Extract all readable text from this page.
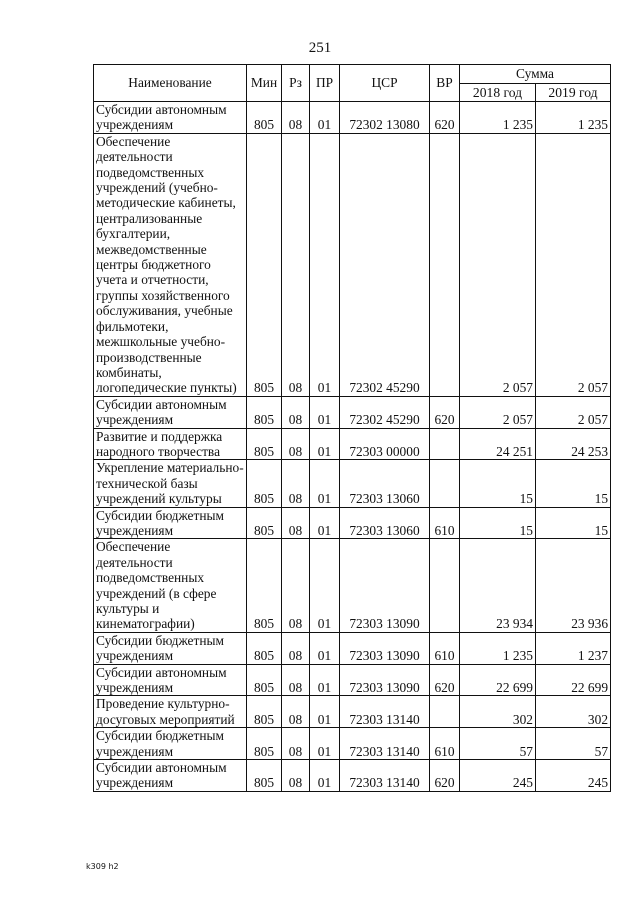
251
Наименование	Мин	Рз	ПР	ЦСР	ВР	Сумма	
						2018 год	2019 год
Субсидии автономным учреждениям	805	08	01	72302 13080	620	1 235	1 235
Обеспечение деятельности подведомственных учреждений (учебно-методические кабинеты, централизованные бухгалтерии, межведомственные центры бюджетного учета и отчетности, группы хозяйственного обслуживания, учебные фильмотеки, межшкольные учебно-производственные комбинаты, логопедические пункты)	805	08	01	72302 45290		2 057	2 057
Субсидии автономным учреждениям	805	08	01	72302 45290	620	2 057	2 057
Развитие и поддержка народного творчества	805	08	01	72303 00000		24 251	24 253
Укрепление материально-технической базы учреждений культуры	805	08	01	72303 13060		15	15
Субсидии бюджетным учреждениям	805	08	01	72303 13060	610	15	15
Обеспечение деятельности подведомственных учреждений (в сфере культуры и кинематографии)	805	08	01	72303 13090		23 934	23 936
Субсидии бюджетным учреждениям	805	08	01	72303 13090	610	1 235	1 237
Субсидии автономным учреждениям	805	08	01	72303 13090	620	22 699	22 699
Проведение культурно-досуговых мероприятий	805	08	01	72303 13140		302	302
Субсидии бюджетным учреждениям	805	08	01	72303 13140	610	57	57
Субсидии автономным учреждениям	805	08	01	72303 13140	620	245	245
k309 h2
